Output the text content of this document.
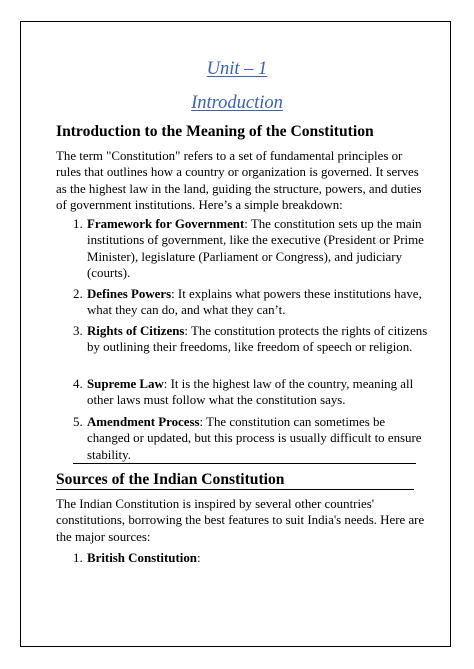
Unit – 1
Introduction
Introduction to the Meaning of the Constitution
The term "Constitution" refers to a set of fundamental principles or rules that outlines how a country or organization is governed. It serves as the highest law in the land, guiding the structure, powers, and duties of government institutions. Here’s a simple breakdown:
1. Framework for Government: The constitution sets up the main institutions of government, like the executive (President or Prime Minister), legislature (Parliament or Congress), and judiciary (courts).
2. Defines Powers: It explains what powers these institutions have, what they can do, and what they can’t.
3. Rights of Citizens: The constitution protects the rights of citizens by outlining their freedoms, like freedom of speech or religion.
4. Supreme Law: It is the highest law of the country, meaning all other laws must follow what the constitution says.
5. Amendment Process: The constitution can sometimes be changed or updated, but this process is usually difficult to ensure stability.
Sources of the Indian Constitution
The Indian Constitution is inspired by several other countries' constitutions, borrowing the best features to suit India's needs. Here are the major sources:
1. British Constitution:
